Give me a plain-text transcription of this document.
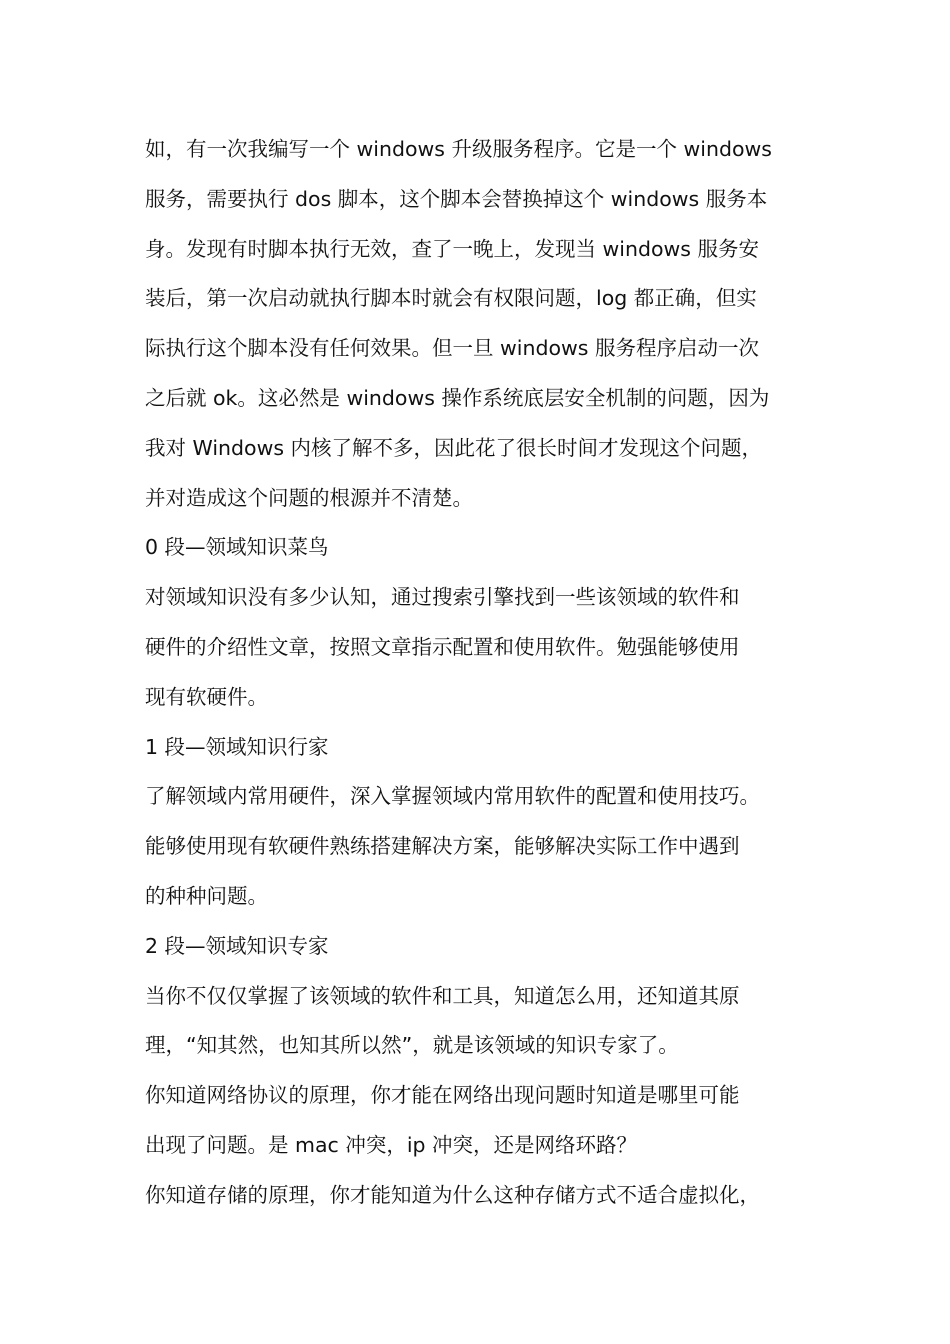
如，有一次我编写一个 windows 升级服务程序。它是一个 windows
服务，需要执行 dos 脚本，这个脚本会替换掉这个 windows 服务本
身。发现有时脚本执行无效，查了一晚上，发现当 windows 服务安
装后，第一次启动就执行脚本时就会有权限问题，log 都正确，但实
际执行这个脚本没有任何效果。但一旦 windows 服务程序启动一次
之后就 ok。这必然是 windows 操作系统底层安全机制的问题，因为
我对 Windows 内核了解不多，因此花了很长时间才发现这个问题，
并对造成这个问题的根源并不清楚。
0 段—领域知识菜鸟
对领域知识没有多少认知，通过搜索引擎找到一些该领域的软件和
硬件的介绍性文章，按照文章指示配置和使用软件。勉强能够使用
现有软硬件。
1 段—领域知识行家
了解领域内常用硬件，深入掌握领域内常用软件的配置和使用技巧。
能够使用现有软硬件熟练搭建解决方案，能够解决实际工作中遇到
的种种问题。
2 段—领域知识专家
当你不仅仅掌握了该领域的软件和工具，知道怎么用，还知道其原
理，“知其然，也知其所以然”，就是该领域的知识专家了。
你知道网络协议的原理，你才能在网络出现问题时知道是哪里可能
出现了问题。是 mac 冲突，ip 冲突，还是网络环路？
你知道存储的原理，你才能知道为什么这种存储方式不适合虚拟化，
